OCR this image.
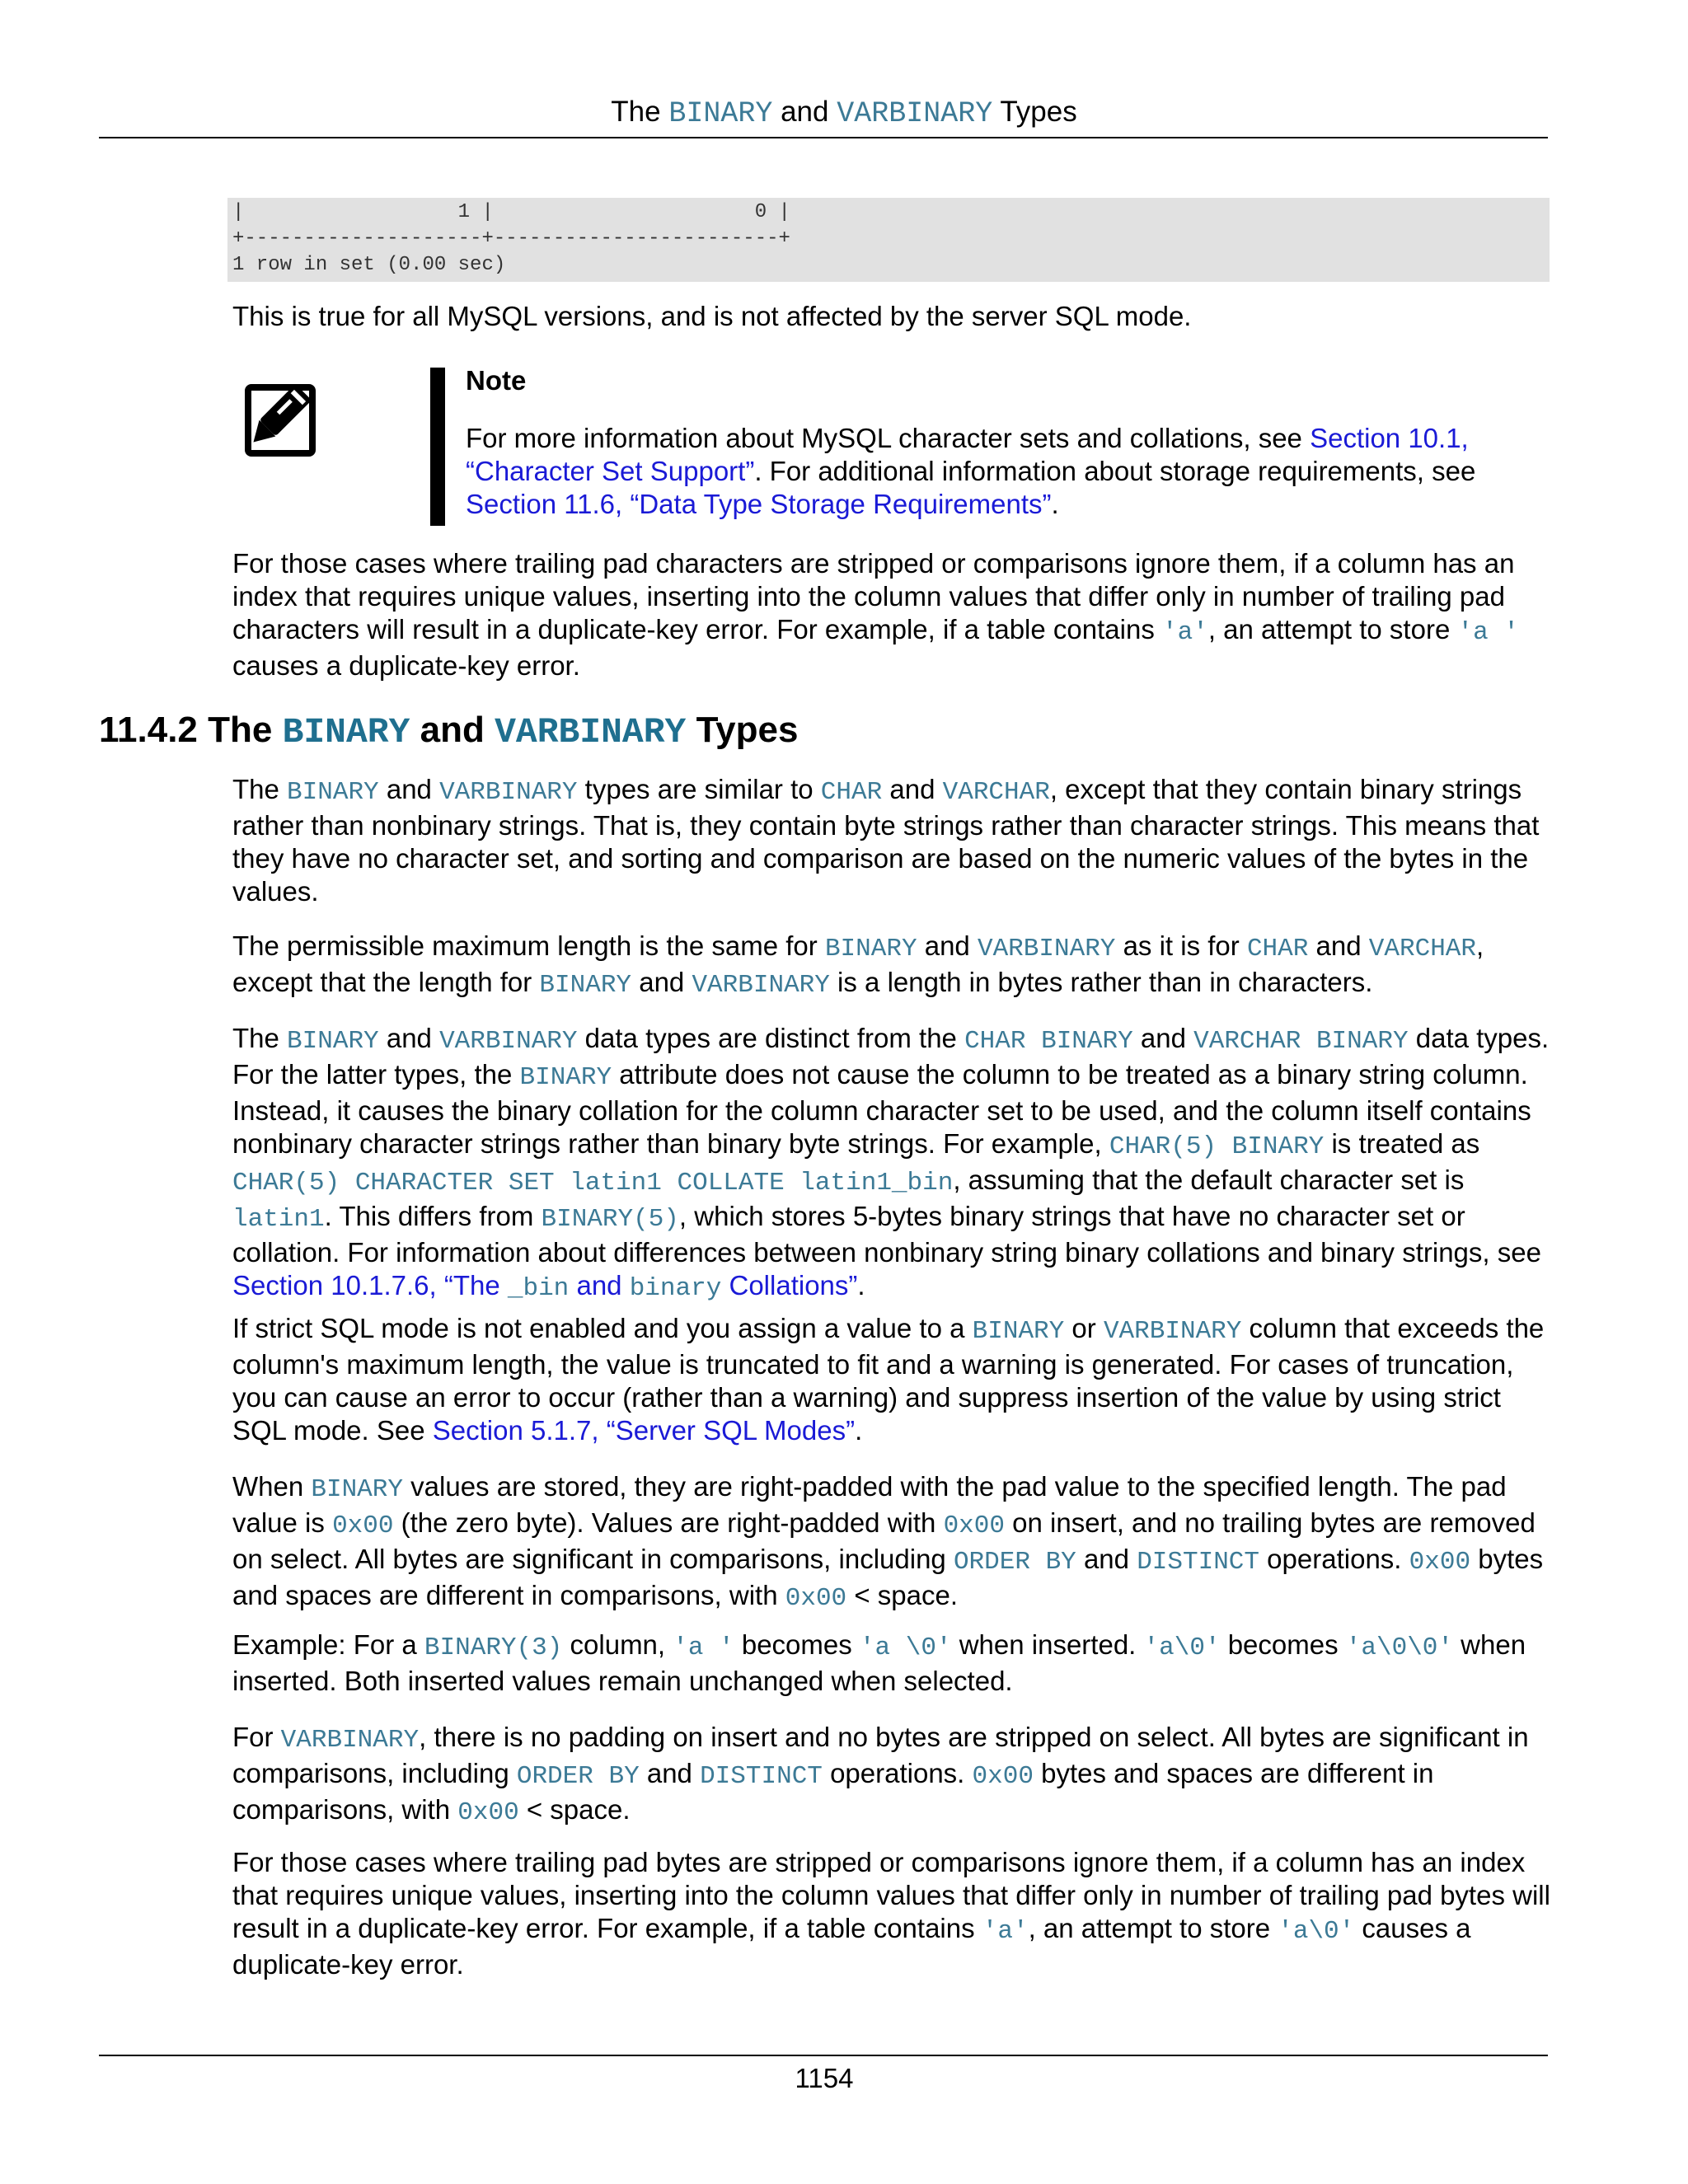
The BINARY and VARBINARY Types
|                  1 |                      0 |
+--------------------+------------------------+
1 row in set (0.00 sec)

This is true for all MySQL versions, and is not affected by the server SQL mode.

Note

For more information about MySQL character sets and collations, see Section 10.1, “Character Set Support”. For additional information about storage requirements, see Section 11.6, “Data Type Storage Requirements”.

For those cases where trailing pad characters are stripped or comparisons ignore them, if a column has an index that requires unique values, inserting into the column values that differ only in number of trailing pad characters will result in a duplicate-key error. For example, if a table contains 'a', an attempt to store 'a ' causes a duplicate-key error.

11.4.2 The BINARY and VARBINARY Types

The BINARY and VARBINARY types are similar to CHAR and VARCHAR, except that they contain binary strings rather than nonbinary strings. That is, they contain byte strings rather than character strings. This means that they have no character set, and sorting and comparison are based on the numeric values of the bytes in the values.

The permissible maximum length is the same for BINARY and VARBINARY as it is for CHAR and VARCHAR, except that the length for BINARY and VARBINARY is a length in bytes rather than in characters.

The BINARY and VARBINARY data types are distinct from the CHAR BINARY and VARCHAR BINARY data types. For the latter types, the BINARY attribute does not cause the column to be treated as a binary string column. Instead, it causes the binary collation for the column character set to be used, and the column itself contains nonbinary character strings rather than binary byte strings. For example, CHAR(5) BINARY is treated as CHAR(5) CHARACTER SET latin1 COLLATE latin1_bin, assuming that the default character set is latin1. This differs from BINARY(5), which stores 5-bytes binary strings that have no character set or collation. For information about differences between nonbinary string binary collations and binary strings, see Section 10.1.7.6, “The _bin and binary Collations”.

If strict SQL mode is not enabled and you assign a value to a BINARY or VARBINARY column that exceeds the column's maximum length, the value is truncated to fit and a warning is generated. For cases of truncation, you can cause an error to occur (rather than a warning) and suppress insertion of the value by using strict SQL mode. See Section 5.1.7, “Server SQL Modes”.

When BINARY values are stored, they are right-padded with the pad value to the specified length. The pad value is 0x00 (the zero byte). Values are right-padded with 0x00 on insert, and no trailing bytes are removed on select. All bytes are significant in comparisons, including ORDER BY and DISTINCT operations. 0x00 bytes and spaces are different in comparisons, with 0x00 < space.

Example: For a BINARY(3) column, 'a ' becomes 'a \0' when inserted. 'a\0' becomes 'a\0\0' when inserted. Both inserted values remain unchanged when selected.

For VARBINARY, there is no padding on insert and no bytes are stripped on select. All bytes are significant in comparisons, including ORDER BY and DISTINCT operations. 0x00 bytes and spaces are different in comparisons, with 0x00 < space.

For those cases where trailing pad bytes are stripped or comparisons ignore them, if a column has an index that requires unique values, inserting into the column values that differ only in number of trailing pad bytes will result in a duplicate-key error. For example, if a table contains 'a', an attempt to store 'a\0' causes a duplicate-key error.

1154
